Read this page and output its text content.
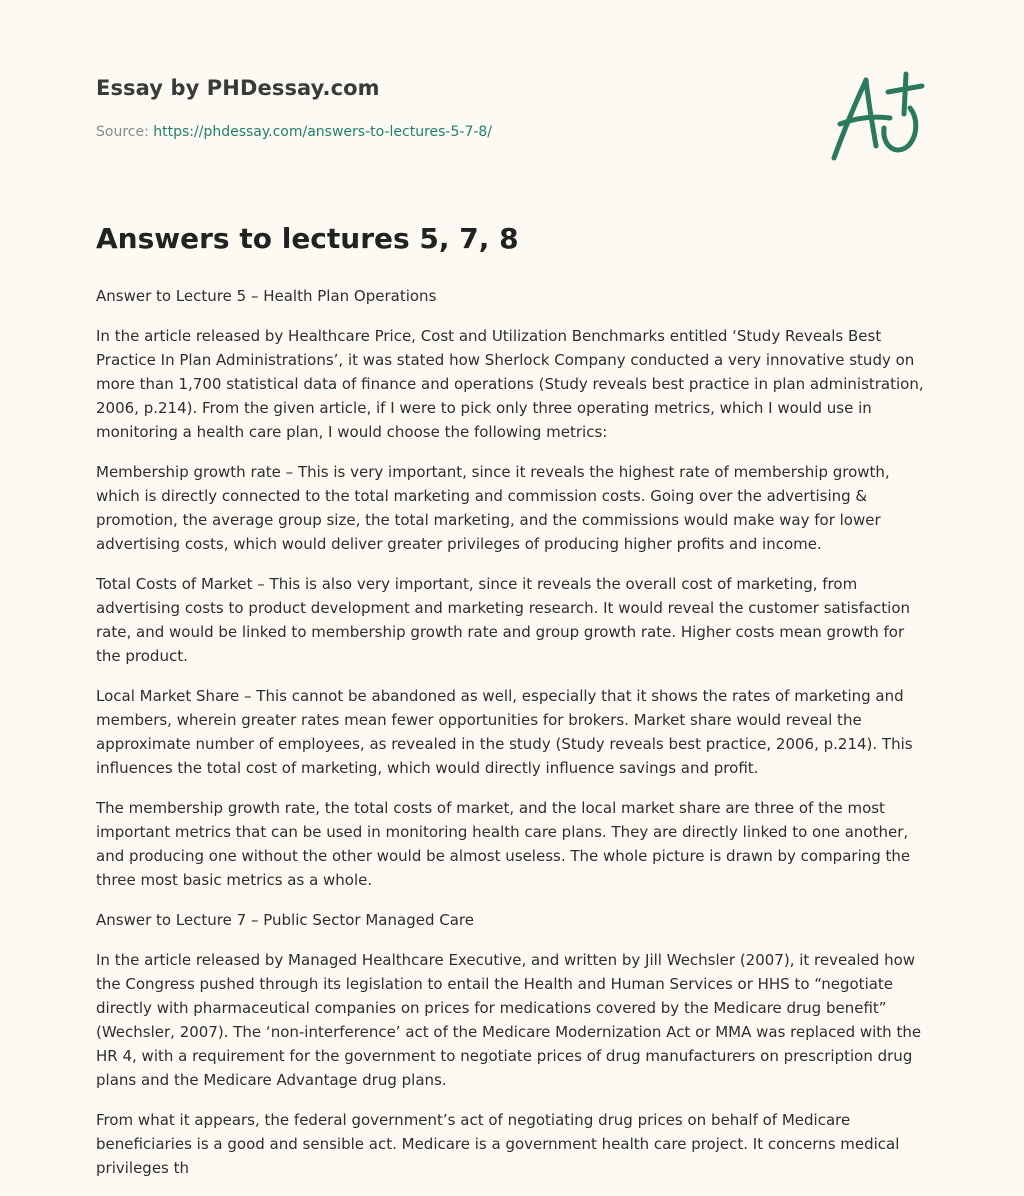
Essay by PHDessay.com
Source: https://phdessay.com/answers-to-lectures-5-7-8/
Answers to lectures 5, 7, 8

Answer to Lecture 5 – Health Plan Operations

In the article released by Healthcare Price, Cost and Utilization Benchmarks entitled ‘Study Reveals Best Practice In Plan Administrations’, it was stated how Sherlock Company conducted a very innovative study on more than 1,700 statistical data of finance and operations (Study reveals best practice in plan administration, 2006, p.214). From the given article, if I were to pick only three operating metrics, which I would use in monitoring a health care plan, I would choose the following metrics:

Membership growth rate – This is very important, since it reveals the highest rate of membership growth, which is directly connected to the total marketing and commission costs. Going over the advertising & promotion, the average group size, the total marketing, and the commissions would make way for lower advertising costs, which would deliver greater privileges of producing higher profits and income.

Total Costs of Market – This is also very important, since it reveals the overall cost of marketing, from advertising costs to product development and marketing research. It would reveal the customer satisfaction rate, and would be linked to membership growth rate and group growth rate. Higher costs mean growth for the product.

Local Market Share – This cannot be abandoned as well, especially that it shows the rates of marketing and members, wherein greater rates mean fewer opportunities for brokers. Market share would reveal the approximate number of employees, as revealed in the study (Study reveals best practice, 2006, p.214). This influences the total cost of marketing, which would directly influence savings and profit.

The membership growth rate, the total costs of market, and the local market share are three of the most important metrics that can be used in monitoring health care plans. They are directly linked to one another, and producing one without the other would be almost useless. The whole picture is drawn by comparing the three most basic metrics as a whole.

Answer to Lecture 7 – Public Sector Managed Care

In the article released by Managed Healthcare Executive, and written by Jill Wechsler (2007), it revealed how the Congress pushed through its legislation to entail the Health and Human Services or HHS to “negotiate directly with pharmaceutical companies on prices for medications covered by the Medicare drug benefit” (Wechsler, 2007). The ‘non-interference’ act of the Medicare Modernization Act or MMA was replaced with the HR 4, with a requirement for the government to negotiate prices of drug manufacturers on prescription drug plans and the Medicare Advantage drug plans.

From what it appears, the federal government’s act of negotiating drug prices on behalf of Medicare beneficiaries is a good and sensible act. Medicare is a government health care project. It concerns medical privileges th
